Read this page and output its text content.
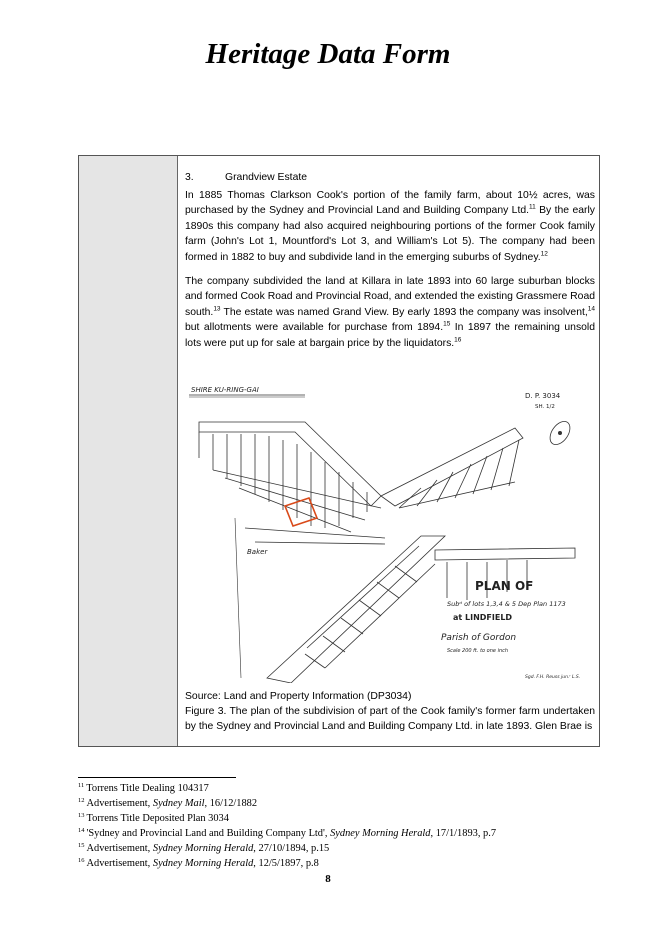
Heritage Data Form
3.	Grandview Estate

In 1885 Thomas Clarkson Cook's portion of the family farm, about 10½ acres, was purchased by the Sydney and Provincial Land and Building Company Ltd.$^{11}$ By the early 1890s this company had also acquired neighbouring portions of the former Cook family farm (John's Lot 1, Mountford's Lot 3, and William's Lot 5). The company had been formed in 1882 to buy and subdivide land in the emerging suburbs of Sydney.$^{12}$

The company subdivided the land at Killara in late 1893 into 60 large suburban blocks and formed Cook Road and Provincial Road, and extended the existing Grassmere Road south.$^{13}$ The estate was named Grand View. By early 1893 the company was insolvent,$^{14}$ but allotments were available for purchase from 1894.15 In 1897 the remaining unsold lots were put up for sale at bargain price by the liquidators.$^{16}$

SHIRE KU-RING-GAI
D. P. 3034
SH. 1/2
Baker
PLAN OF
Subᵈ of lots 1,3,4 & 5 Dep Plan 1173
at LINDFIELD
Parish of Gordon
Scale 200 ft. to one inch
Sgd. F.H. Reuss jun.ʳ L.S.
Source: Land and Property Information (DP3034)
Figure 3. The plan of the subdivision of part of the Cook family's former farm undertaken by the Sydney and Provincial Land and Building Company Ltd. in late 1893. Glen Brae is
$^{11}$ Torrens Title Dealing 104317
$^{12}$ Advertisement, Sydney Mail, 16/12/1882
$^{13}$ Torrens Title Deposited Plan 3034
$^{14}$ 'Sydney and Provincial Land and Building Company Ltd', Sydney Morning Herald, 17/1/1893, p.7
$^{15}$ Advertisement, Sydney Morning Herald, 27/10/1894, p.15
$^{16}$ Advertisement, Sydney Morning Herald, 12/5/1897, p.8
8
